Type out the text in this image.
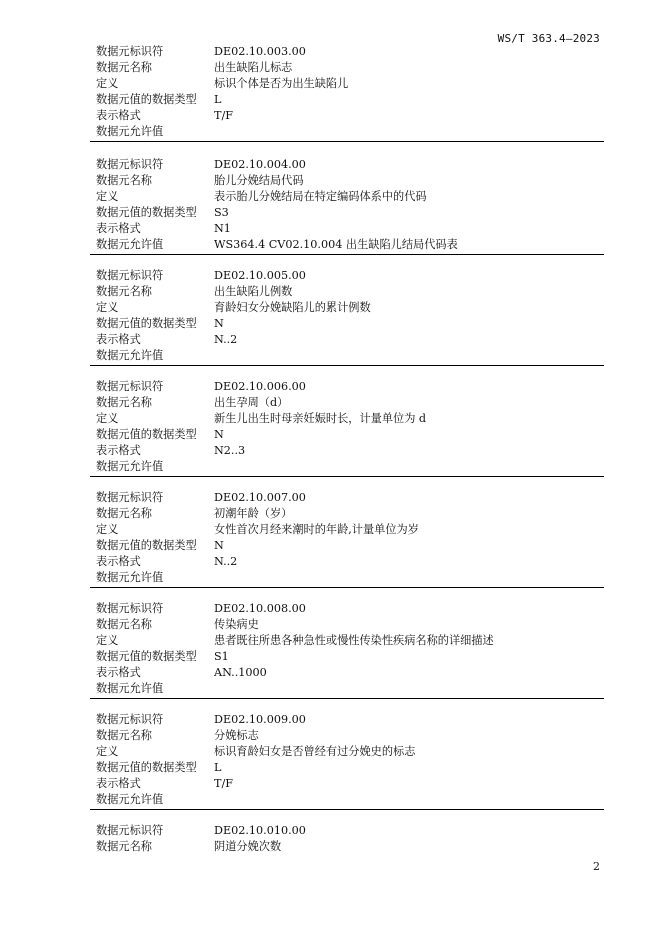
WS/T 363.4—2023
数据元标识符	DE02.10.003.00
数据元名称	出生缺陷儿标志
定义	标识个体是否为出生缺陷儿
数据元值的数据类型 L
表示格式	T/F
数据元允许值
数据元标识符	DE02.10.004.00
数据元名称	胎儿分娩结局代码
定义	表示胎儿分娩结局在特定编码体系中的代码
数据元值的数据类型 S3
表示格式	N1
数据元允许值	WS364.4 CV02.10.004 出生缺陷儿结局代码表
数据元标识符	DE02.10.005.00
数据元名称	出生缺陷儿例数
定义	育龄妇女分娩缺陷儿的累计例数
数据元值的数据类型 N
表示格式	N..2
数据元允许值
数据元标识符	DE02.10.006.00
数据元名称	出生孕周（d）
定义	新生儿出生时母亲妊娠时长，计量单位为 d
数据元值的数据类型 N
表示格式	N2..3
数据元允许值
数据元标识符	DE02.10.007.00
数据元名称	初潮年龄（岁）
定义	女性首次月经来潮时的年龄,计量单位为岁
数据元值的数据类型 N
表示格式	N..2
数据元允许值
数据元标识符	DE02.10.008.00
数据元名称	传染病史
定义	患者既往所患各种急性或慢性传染性疾病名称的详细描述
数据元值的数据类型 S1
表示格式	AN..1000
数据元允许值
数据元标识符	DE02.10.009.00
数据元名称	分娩标志
定义	标识育龄妇女是否曾经有过分娩史的标志
数据元值的数据类型 L
表示格式	T/F
数据元允许值
数据元标识符	DE02.10.010.00
数据元名称	阴道分娩次数
2
